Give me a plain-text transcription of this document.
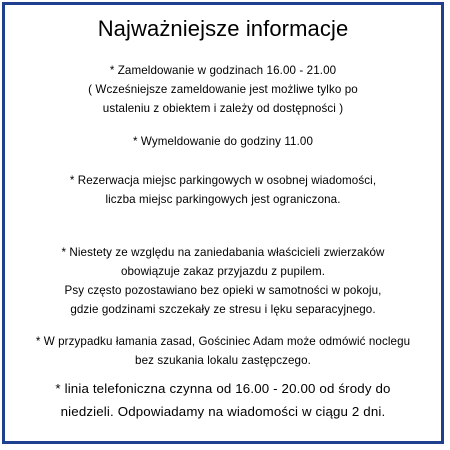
Najważniejsze informacje
* Zameldowanie w godzinach 16.00 - 21.00
( Wcześniejsze zameldowanie jest możliwe tylko po
ustaleniu z obiektem i zależy od dostępności )
* Wymeldowanie do godziny 11.00
* Rezerwacja miejsc parkingowych w osobnej wiadomości,
liczba miejsc parkingowych jest ograniczona.
* Niestety ze względu na zaniedabania właścicieli zwierzaków
obowiązuje zakaz przyjazdu z pupilem.
Psy często pozostawiano bez opieki w samotności w pokoju,
gdzie godzinami szczekały ze stresu i lęku separacyjnego.
* W przypadku łamania zasad, Gościniec Adam może odmówić noclegu
bez szukania lokalu zastępczego.
* linia telefoniczna czynna od 16.00 - 20.00 od środy do
niedzieli. Odpowiadamy na wiadomości w ciągu 2 dni.
